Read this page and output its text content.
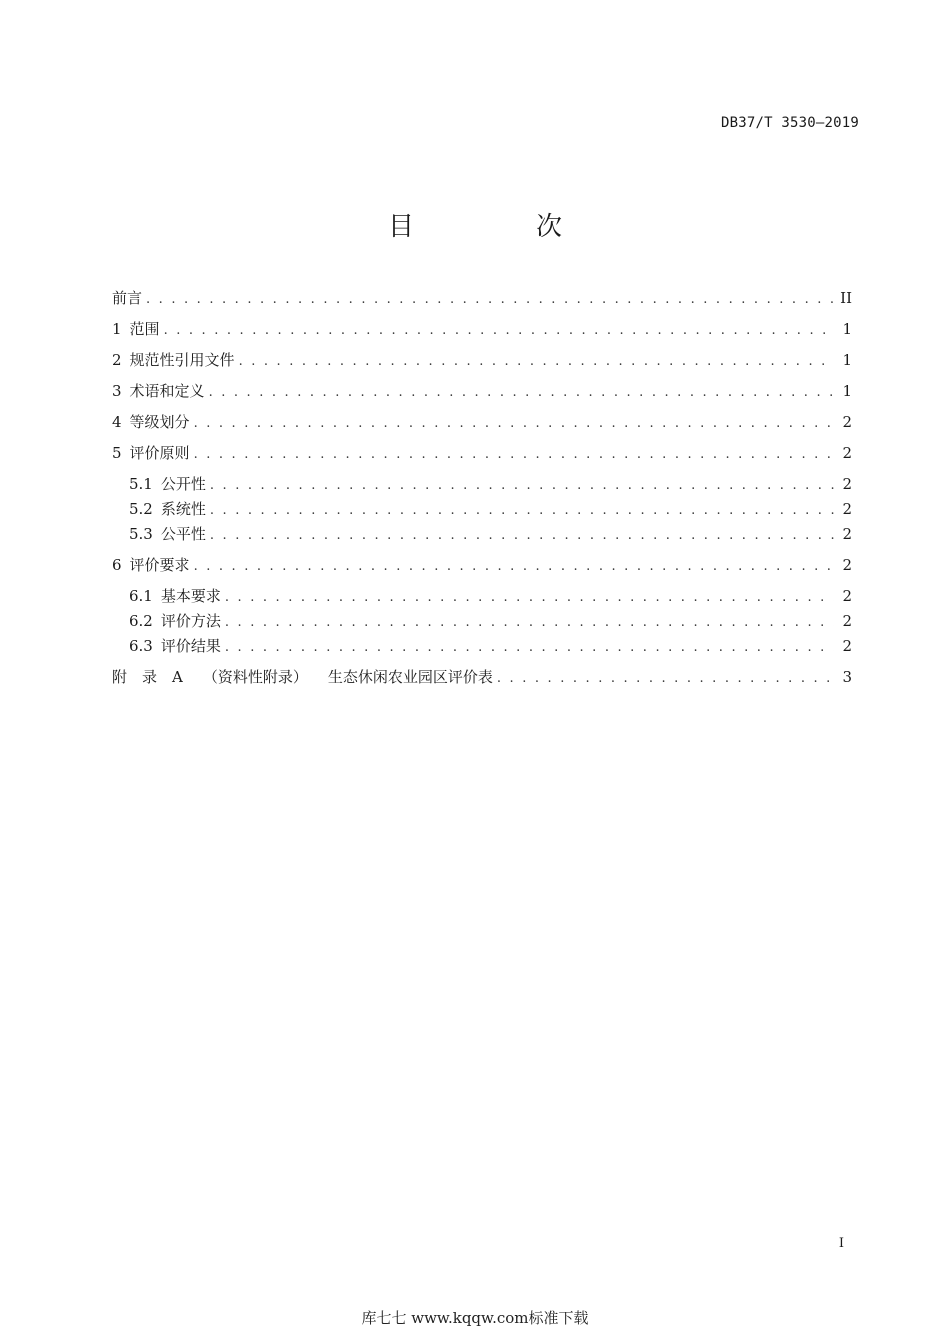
DB37/T 3530—2019
目　次
前言 . . .	II
1 范围 . . .	1
2 规范性引用文件 . . .	1
3 术语和定义 . . .	1
4 等级划分 . . .	2
5 评价原则 . . .	2
5.1 公开性 . . .	2
5.2 系统性 . . .	2
5.3 公平性 . . .	2
6 评价要求 . . .	2
6.1 基本要求 . . .	2
6.2 评价方法 . . .	2
6.3 评价结果 . . .	2
附　录　A （资料性附录） 生态休闲农业园区评价表 . . .	3
I
库七七 www.kqqw.com标准下载
